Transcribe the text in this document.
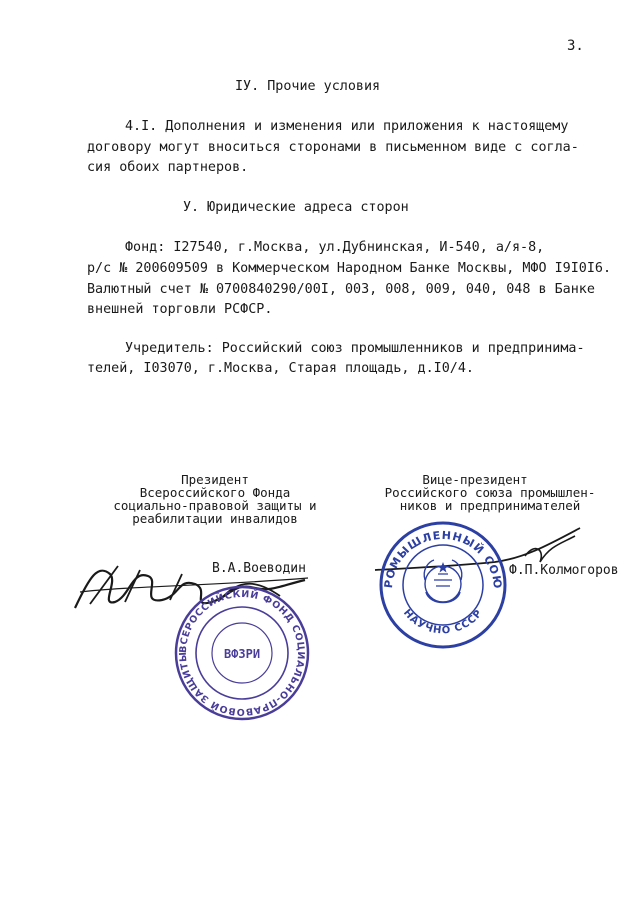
3.
IУ. Прочие условия
4.I. Дополнения и изменения или приложения к настоящему
договору могут вноситься сторонами в письменном виде с согла-
сия обоих партнеров.
У. Юридические адреса сторон
Фонд: I27540, г.Москва, ул.Дубнинская, И-540, а/я-8,
р/с № 200609509 в Коммерческом Народном Банке Москвы, МФО I9I0I6.
Валютный счет № 0700840290/00I, 003, 008, 009, 040, 048 в Банке
внешней торговли РСФСР.
Учредитель: Российский союз промышленников и предпринима-
телей, I03070, г.Москва, Старая площадь, д.I0/4.
Президент
Всероссийского Фонда
социально-правовой защиты и
реабилитации инвалидов
В.А.Воеводин
Вице-президент
Российского союза промышлен-
ников и предпринимателей
Ф.П.Колмогоров
ВСЕРОССИЙСКИЙ ФОНД СОЦИАЛЬНО-ПРАВОВОЙ ЗАЩИТЫ И РЕАБИЛИТАЦИИ ИНВАЛИДОВ
ВФЗРИ
ПРОМЫШЛЕННЫЙ СОЮЗ
НАУЧНО СССР
